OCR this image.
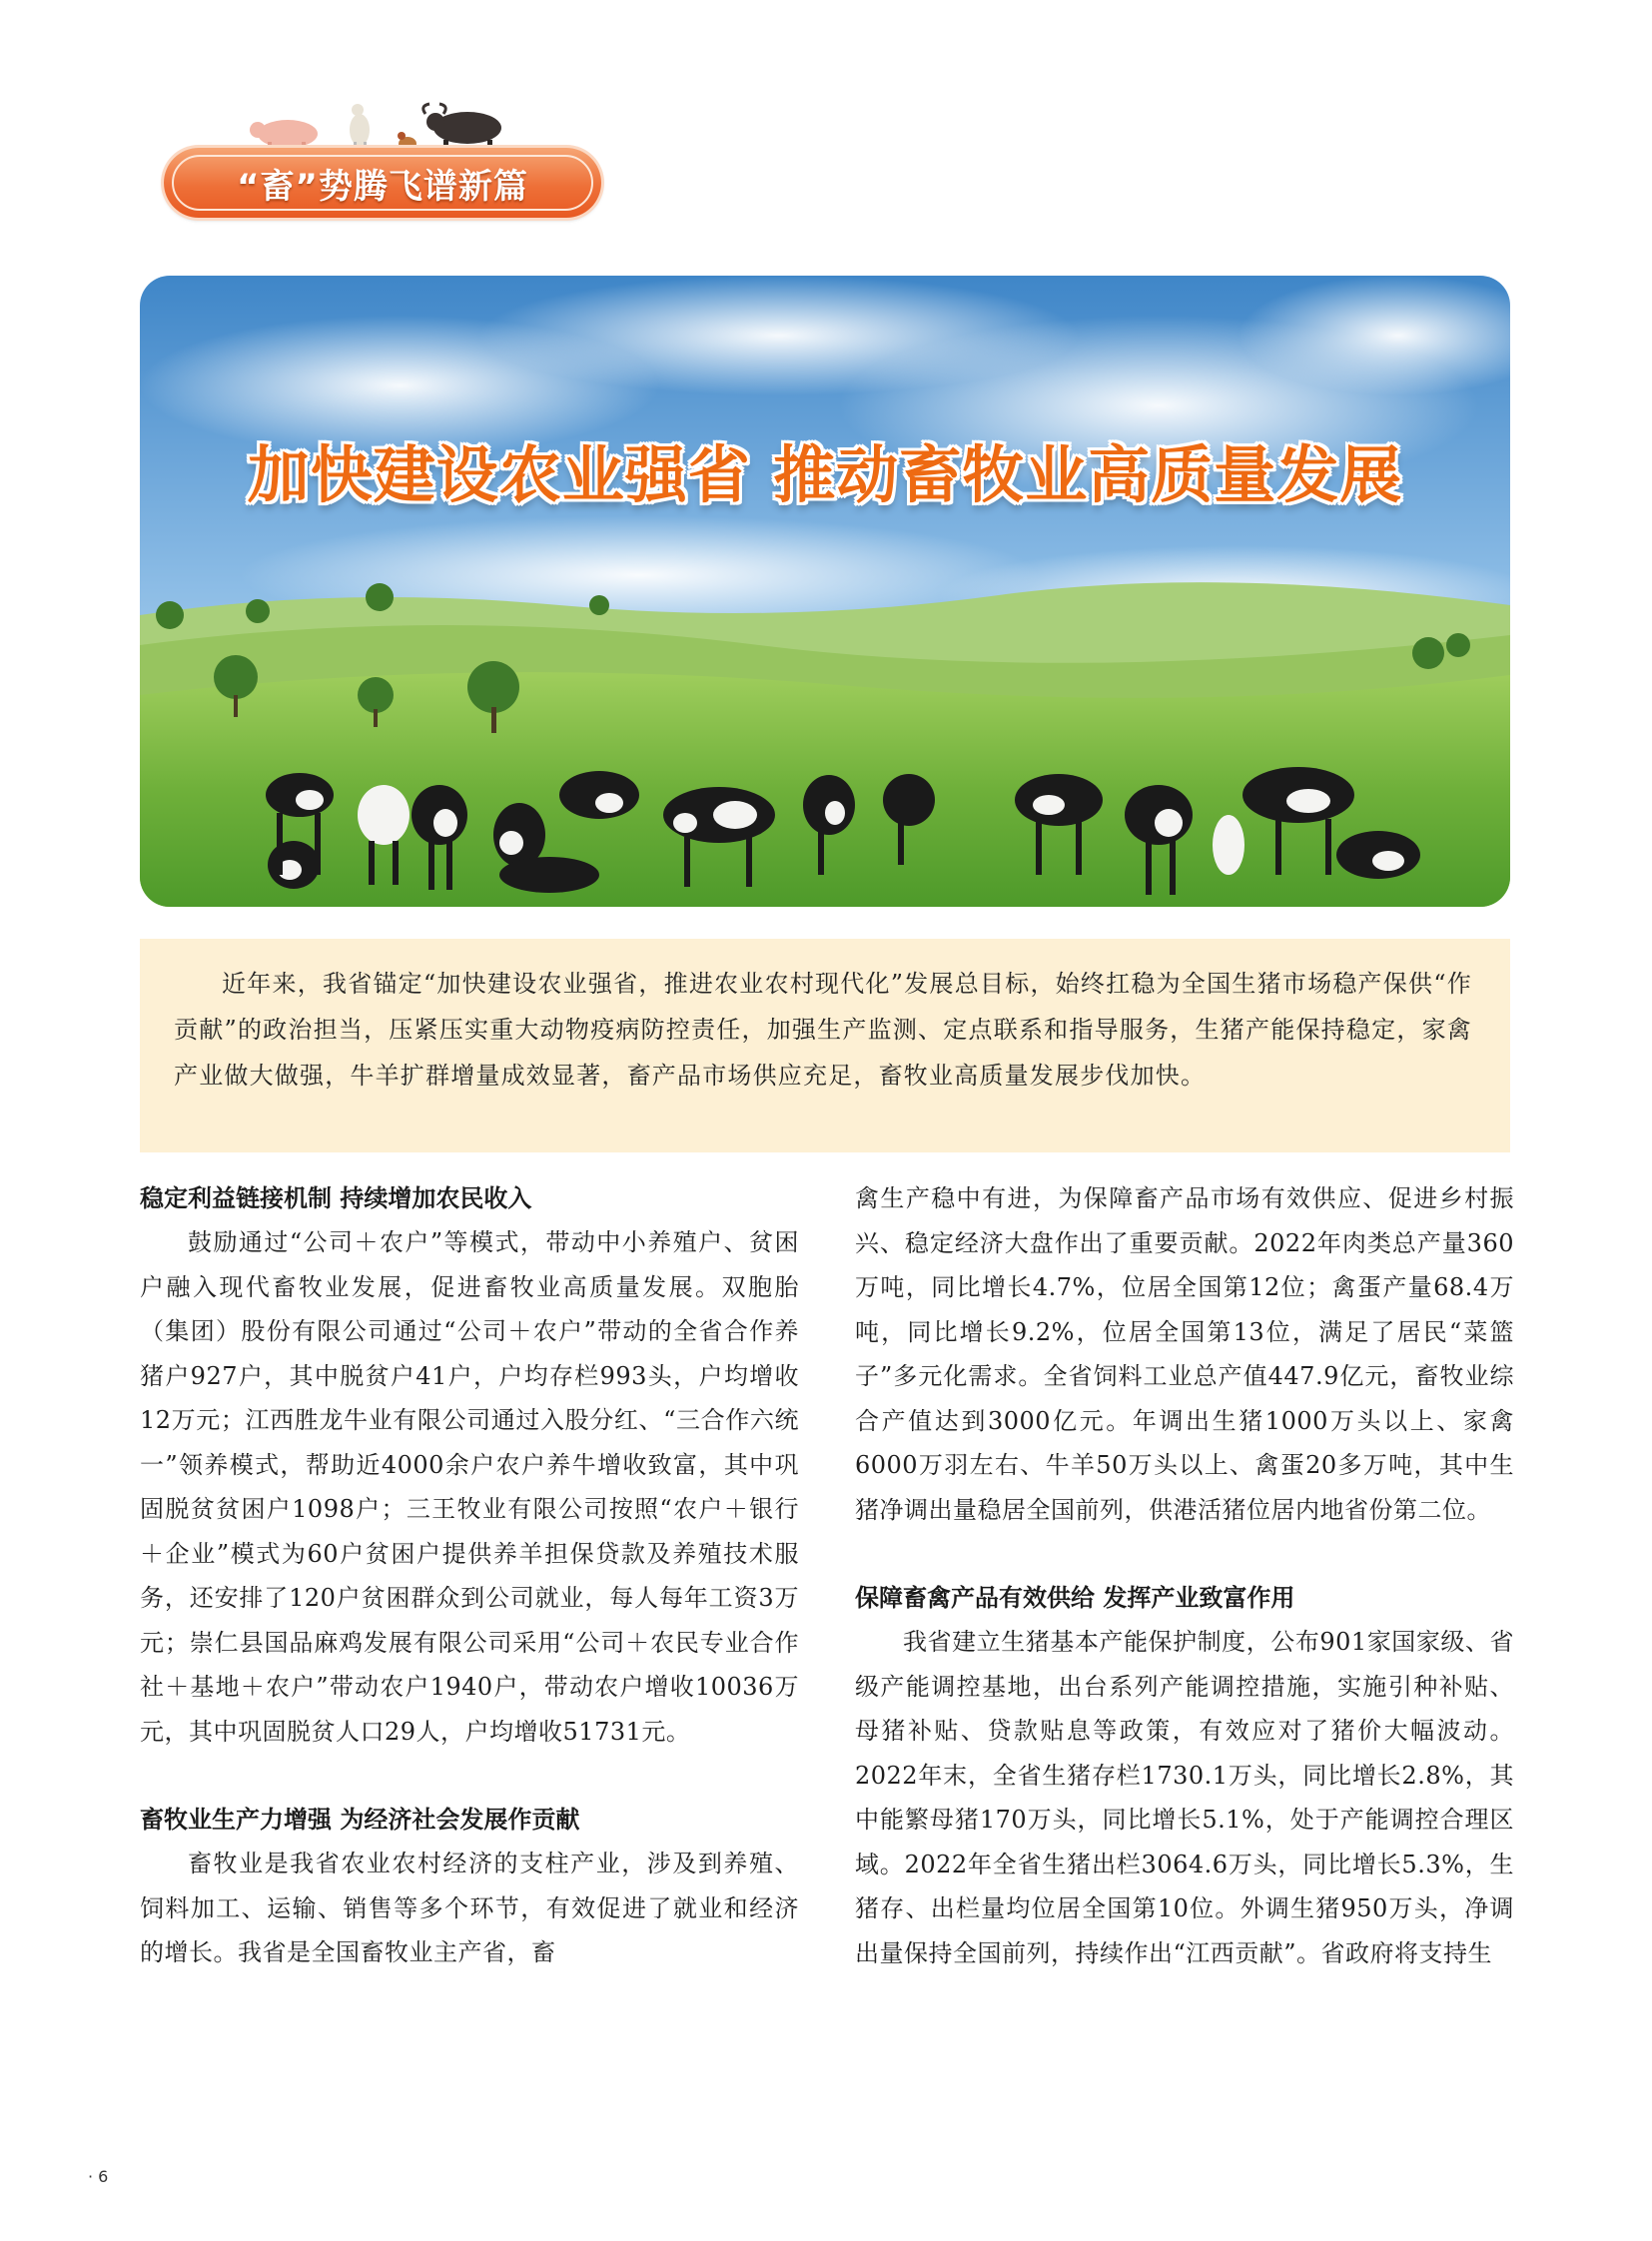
“畜”势腾飞谱新篇
加快建设农业强省 推动畜牧业高质量发展

近年来，我省锚定“加快建设农业强省，推进农业农村现代化”发展总目标，始终扛稳为全国生猪市场稳产保供“作贡献”的政治担当，压紧压实重大动物疫病防控责任，加强生产监测、定点联系和指导服务，生猪产能保持稳定，家禽产业做大做强，牛羊扩群增量成效显著，畜产品市场供应充足，畜牧业高质量发展步伐加快。

稳定利益链接机制 持续增加农民收入

鼓励通过“公司＋农户”等模式，带动中小养殖户、贫困户融入现代畜牧业发展，促进畜牧业高质量发展。双胞胎（集团）股份有限公司通过“公司＋农户”带动的全省合作养猪户927户，其中脱贫户41户，户均存栏993头，户均增收12万元；江西胜龙牛业有限公司通过入股分红、“三合作六统一”领养模式，帮助近4000余户农户养牛增收致富，其中巩固脱贫贫困户1098户；三王牧业有限公司按照“农户＋银行＋企业”模式为60户贫困户提供养羊担保贷款及养殖技术服务，还安排了120户贫困群众到公司就业，每人每年工资3万元；崇仁县国品麻鸡发展有限公司采用“公司＋农民专业合作社＋基地＋农户”带动农户1940户，带动农户增收10036万元，其中巩固脱贫人口29人，户均增收51731元。

畜牧业生产力增强 为经济社会发展作贡献

畜牧业是我省农业农村经济的支柱产业，涉及到养殖、饲料加工、运输、销售等多个环节，有效促进了就业和经济的增长。我省是全国畜牧业主产省，畜

禽生产稳中有进，为保障畜产品市场有效供应、促进乡村振兴、稳定经济大盘作出了重要贡献。2022年肉类总产量360万吨，同比增长4.7%，位居全国第12位；禽蛋产量68.4万吨，同比增长9.2%，位居全国第13位，满足了居民“菜篮子”多元化需求。全省饲料工业总产值447.9亿元，畜牧业综合产值达到3000亿元。年调出生猪1000万头以上、家禽6000万羽左右、牛羊50万头以上、禽蛋20多万吨，其中生猪净调出量稳居全国前列，供港活猪位居内地省份第二位。

保障畜禽产品有效供给 发挥产业致富作用

我省建立生猪基本产能保护制度，公布901家国家级、省级产能调控基地，出台系列产能调控措施，实施引种补贴、母猪补贴、贷款贴息等政策，有效应对了猪价大幅波动。2022年末，全省生猪存栏1730.1万头，同比增长2.8%，其中能繁母猪170万头，同比增长5.1%，处于产能调控合理区域。2022年全省生猪出栏3064.6万头，同比增长5.3%，生猪存、出栏量均位居全国第10位。外调生猪950万头，净调出量保持全国前列，持续作出“江西贡献”。省政府将支持生

· 6
